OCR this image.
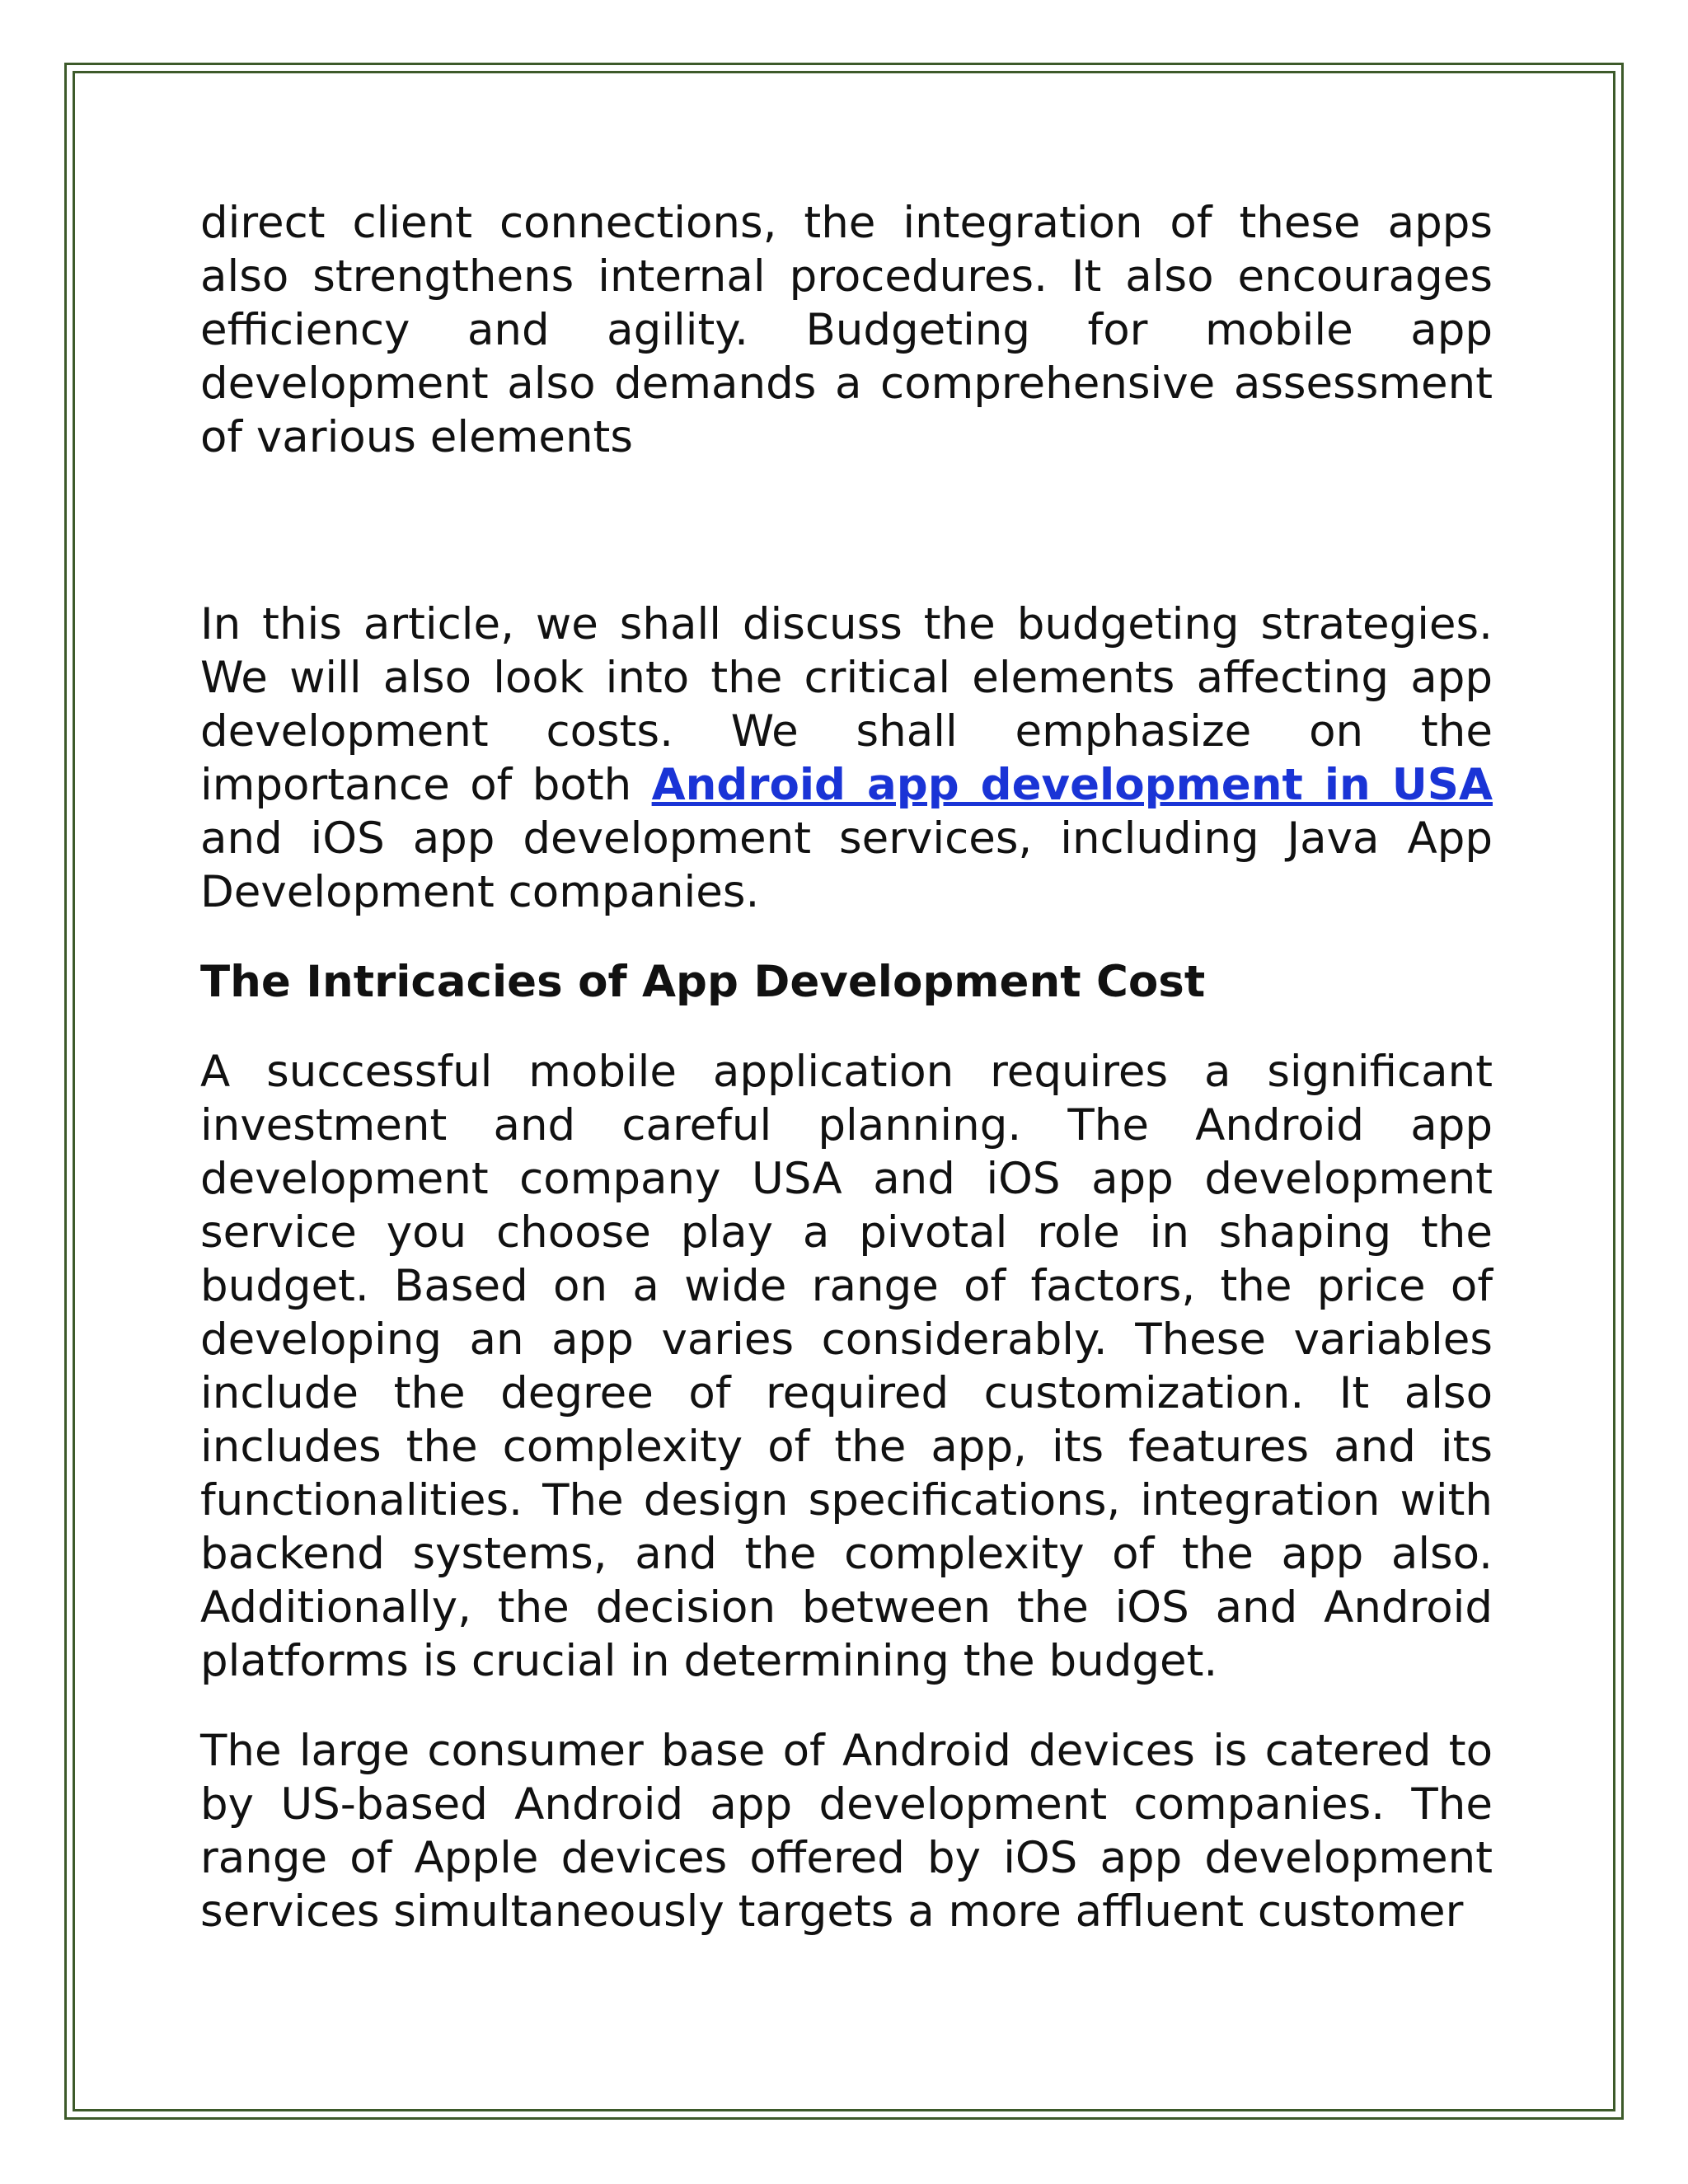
direct client connections, the integration of these apps also strengthens internal procedures. It also encourages efficiency and agility. Budgeting for mobile app development also demands a comprehensive assessment of various elements

In this article, we shall discuss the budgeting strategies. We will also look into the critical elements affecting app development costs. We shall emphasize on the importance of both Android app development in USA and iOS app development services, including Java App Development companies.

The Intricacies of App Development Cost

A successful mobile application requires a significant investment and careful planning. The Android app development company USA and iOS app development service you choose play a pivotal role in shaping the budget. Based on a wide range of factors, the price of developing an app varies considerably. These variables include the degree of required customization. It also includes the complexity of the app, its features and its functionalities. The design specifications, integration with backend systems, and the complexity of the app also. Additionally, the decision between the iOS and Android platforms is crucial in determining the budget.

The large consumer base of Android devices is catered to by US-based Android app development companies. The range of Apple devices offered by iOS app development services simultaneously targets a more affluent customer
